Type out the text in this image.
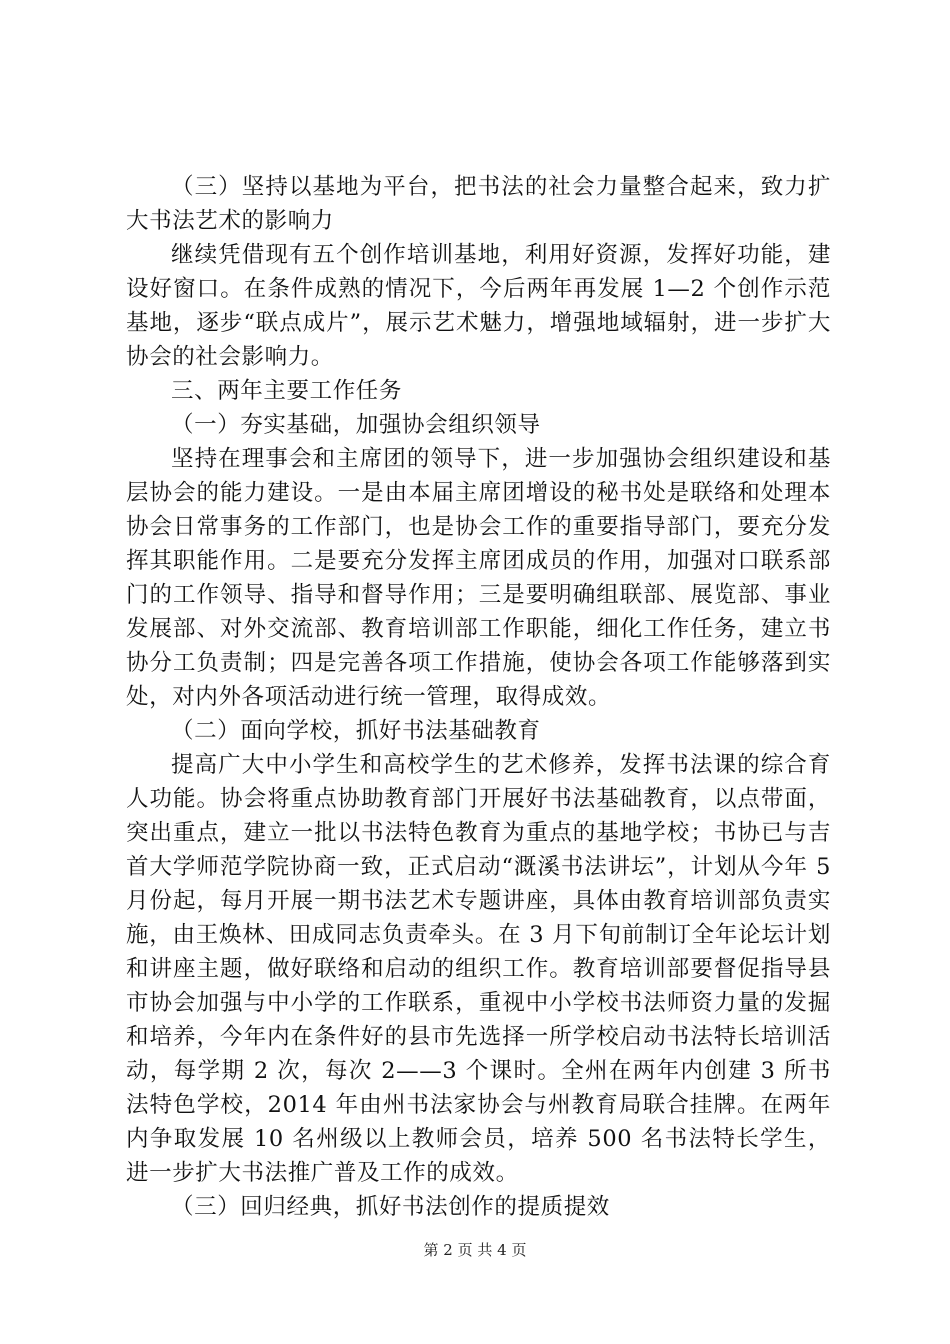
（三）坚持以基地为平台，把书法的社会力量整合起来，致力扩大书法艺术的影响力

继续凭借现有五个创作培训基地，利用好资源，发挥好功能，建设好窗口。在条件成熟的情况下，今后两年再发展 1—2 个创作示范基地，逐步“联点成片”，展示艺术魅力，增强地域辐射，进一步扩大协会的社会影响力。

三、两年主要工作任务

（一）夯实基础，加强协会组织领导

坚持在理事会和主席团的领导下，进一步加强协会组织建设和基层协会的能力建设。一是由本届主席团增设的秘书处是联络和处理本协会日常事务的工作部门，也是协会工作的重要指导部门，要充分发挥其职能作用。二是要充分发挥主席团成员的作用，加强对口联系部门的工作领导、指导和督导作用；三是要明确组联部、展览部、事业发展部、对外交流部、教育培训部工作职能，细化工作任务，建立书协分工负责制；四是完善各项工作措施，使协会各项工作能够落到实处，对内外各项活动进行统一管理，取得成效。

（二）面向学校，抓好书法基础教育

提高广大中小学生和高校学生的艺术修养，发挥书法课的综合育人功能。协会将重点协助教育部门开展好书法基础教育，以点带面，突出重点，建立一批以书法特色教育为重点的基地学校；书协已与吉首大学师范学院协商一致，正式启动“溉溪书法讲坛”，计划从今年 5 月份起，每月开展一期书法艺术专题讲座，具体由教育培训部负责实施，由王焕林、田成同志负责牵头。在 3 月下旬前制订全年论坛计划和讲座主题，做好联络和启动的组织工作。教育培训部要督促指导县市协会加强与中小学的工作联系，重视中小学校书法师资力量的发掘和培养，今年内在条件好的县市先选择一所学校启动书法特长培训活动，每学期 2 次，每次 2——3 个课时。全州在两年内创建 3 所书法特色学校，2014 年由州书法家协会与州教育局联合挂牌。在两年内争取发展 10 名州级以上教师会员，培养 500 名书法特长学生，进一步扩大书法推广普及工作的成效。

（三）回归经典，抓好书法创作的提质提效

第 2 页 共 4 页
